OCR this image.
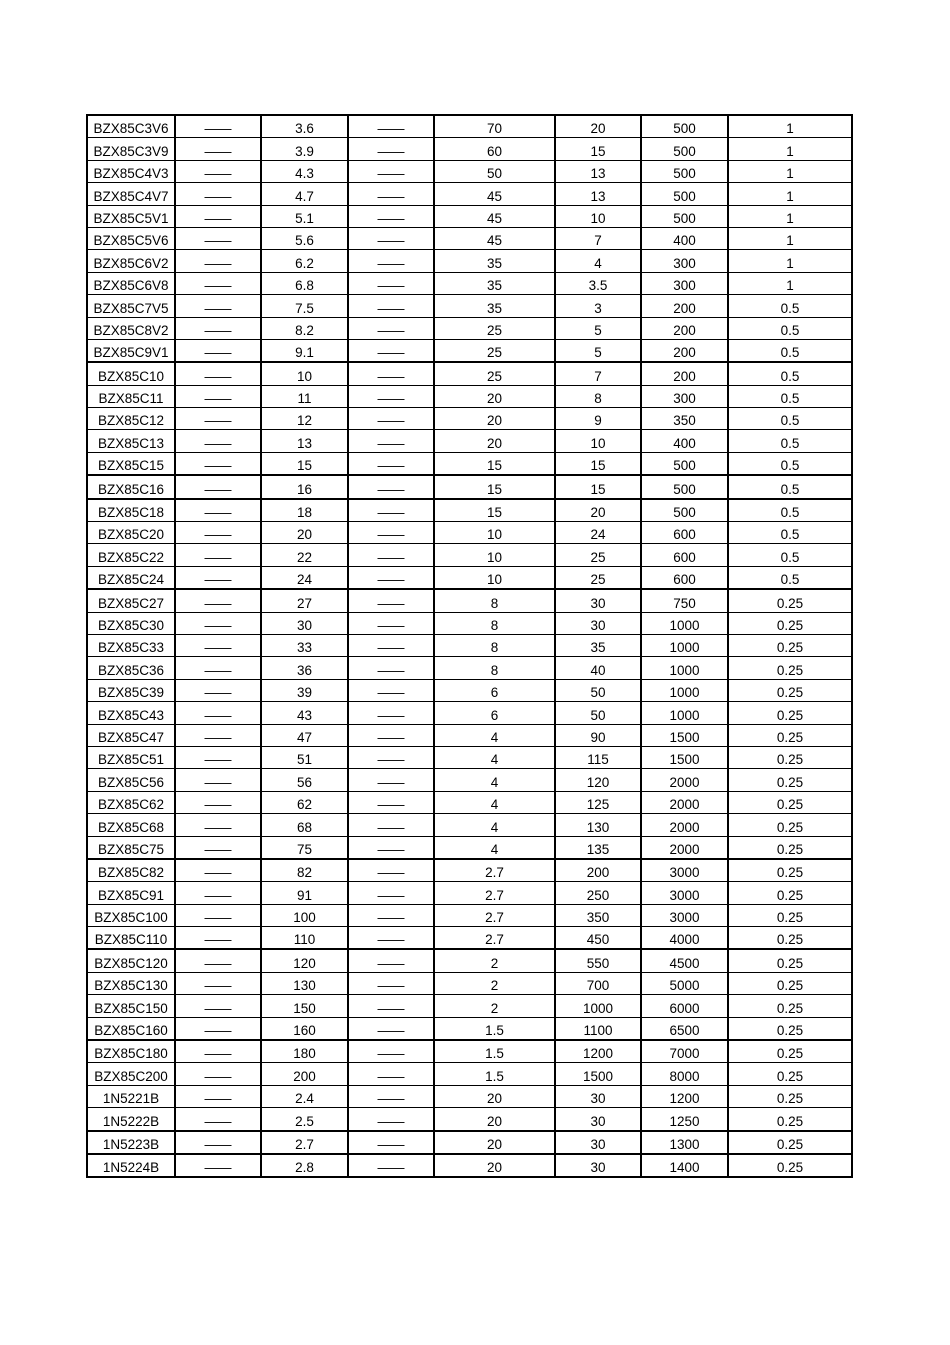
BZX85C3V6	——	3.6	——	70	20	500	1
BZX85C3V9	——	3.9	——	60	15	500	1
BZX85C4V3	——	4.3	——	50	13	500	1
BZX85C4V7	——	4.7	——	45	13	500	1
BZX85C5V1	——	5.1	——	45	10	500	1
BZX85C5V6	——	5.6	——	45	7	400	1
BZX85C6V2	——	6.2	——	35	4	300	1
BZX85C6V8	——	6.8	——	35	3.5	300	1
BZX85C7V5	——	7.5	——	35	3	200	0.5
BZX85C8V2	——	8.2	——	25	5	200	0.5
BZX85C9V1	——	9.1	——	25	5	200	0.5
BZX85C10	——	10	——	25	7	200	0.5
BZX85C11	——	11	——	20	8	300	0.5
BZX85C12	——	12	——	20	9	350	0.5
BZX85C13	——	13	——	20	10	400	0.5
BZX85C15	——	15	——	15	15	500	0.5
BZX85C16	——	16	——	15	15	500	0.5
BZX85C18	——	18	——	15	20	500	0.5
BZX85C20	——	20	——	10	24	600	0.5
BZX85C22	——	22	——	10	25	600	0.5
BZX85C24	——	24	——	10	25	600	0.5
BZX85C27	——	27	——	8	30	750	0.25
BZX85C30	——	30	——	8	30	1000	0.25
BZX85C33	——	33	——	8	35	1000	0.25
BZX85C36	——	36	——	8	40	1000	0.25
BZX85C39	——	39	——	6	50	1000	0.25
BZX85C43	——	43	——	6	50	1000	0.25
BZX85C47	——	47	——	4	90	1500	0.25
BZX85C51	——	51	——	4	115	1500	0.25
BZX85C56	——	56	——	4	120	2000	0.25
BZX85C62	——	62	——	4	125	2000	0.25
BZX85C68	——	68	——	4	130	2000	0.25
BZX85C75	——	75	——	4	135	2000	0.25
BZX85C82	——	82	——	2.7	200	3000	0.25
BZX85C91	——	91	——	2.7	250	3000	0.25
BZX85C100	——	100	——	2.7	350	3000	0.25
BZX85C110	——	110	——	2.7	450	4000	0.25
BZX85C120	——	120	——	2	550	4500	0.25
BZX85C130	——	130	——	2	700	5000	0.25
BZX85C150	——	150	——	2	1000	6000	0.25
BZX85C160	——	160	——	1.5	1100	6500	0.25
BZX85C180	——	180	——	1.5	1200	7000	0.25
BZX85C200	——	200	——	1.5	1500	8000	0.25
1N5221B	——	2.4	——	20	30	1200	0.25
1N5222B	——	2.5	——	20	30	1250	0.25
1N5223B	——	2.7	——	20	30	1300	0.25
1N5224B	——	2.8	——	20	30	1400	0.25
